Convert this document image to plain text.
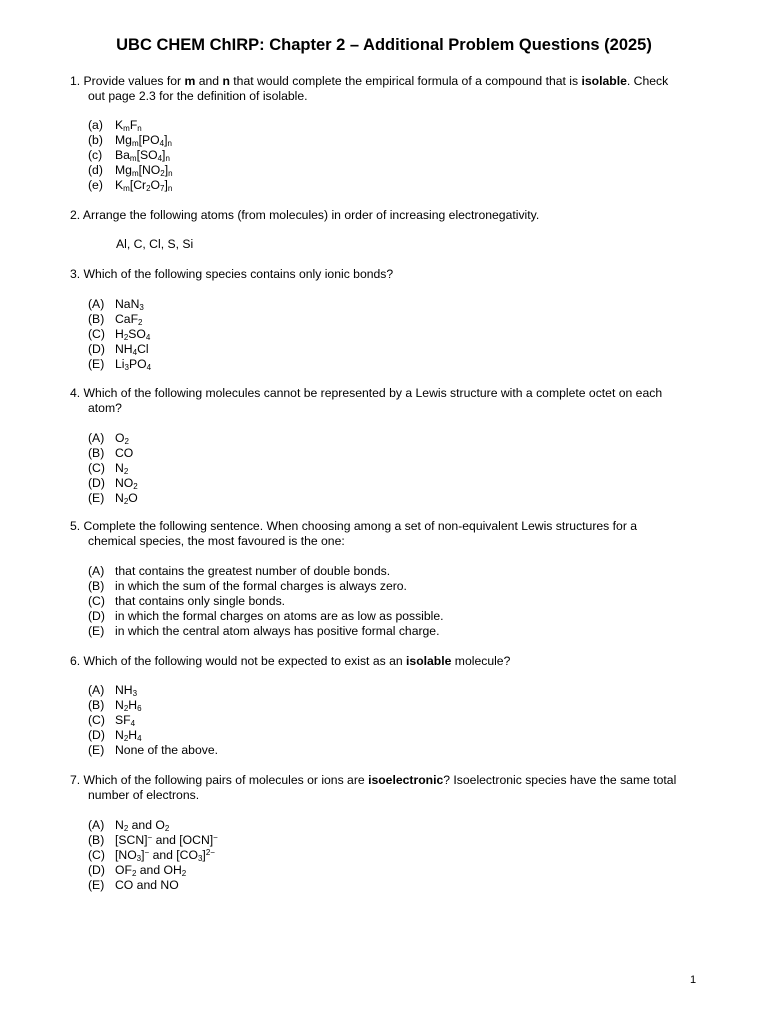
UBC CHEM ChIRP: Chapter 2 – Additional Problem Questions (2025)
1. Provide values for m and n that would complete the empirical formula of a compound that is isolable. Check
out page 2.3 for the definition of isolable.
(a) $K_mF_n$
(b) $Mg_m[PO_4]_n$
(c) $Ba_m[SO_4]_n$
(d) $Mg_m[NO_2]_n$
(e) $K_m[Cr_2O_7]_n$
2. Arrange the following atoms (from molecules) in order of increasing electronegativity.
Al, C, Cl, S, Si
3. Which of the following species contains only ionic bonds?
(A) NaN$_3$
(B) CaF$_2$
(C) $H_2SO_4$
(D) $NH_4Cl$
(E) $Li_3PO_4$
4. Which of the following molecules cannot be represented by a Lewis structure with a complete octet on each
atom?
(A) $O_2$
(B) CO
(C) $N_2$
(D) $NO_2$
(E) $N_2O$
5. Complete the following sentence. When choosing among a set of non-equivalent Lewis structures for a
chemical species, the most favoured is the one:
(A) that contains the greatest number of double bonds.
(B) in which the sum of the formal charges is always zero.
(C) that contains only single bonds.
(D) in which the formal charges on atoms are as low as possible.
(E) in which the central atom always has positive formal charge.
6. Which of the following would not be expected to exist as an isolable molecule?
(A) $NH_3$
(B) $N_2H_6$
(C) $SF_4$
(D) $N_2H_4$
(E) None of the above.
7. Which of the following pairs of molecules or ions are isoelectronic? Isoelectronic species have the same total
number of electrons.
(A) $N_2$ and $O_2$
(B) [SCN]− and [OCN]−
(C) $[NO_3]^-$ and $[CO_3]^{2-}$
(D) $OF_2$ and $OH_2$
(E) CO and NO
1
